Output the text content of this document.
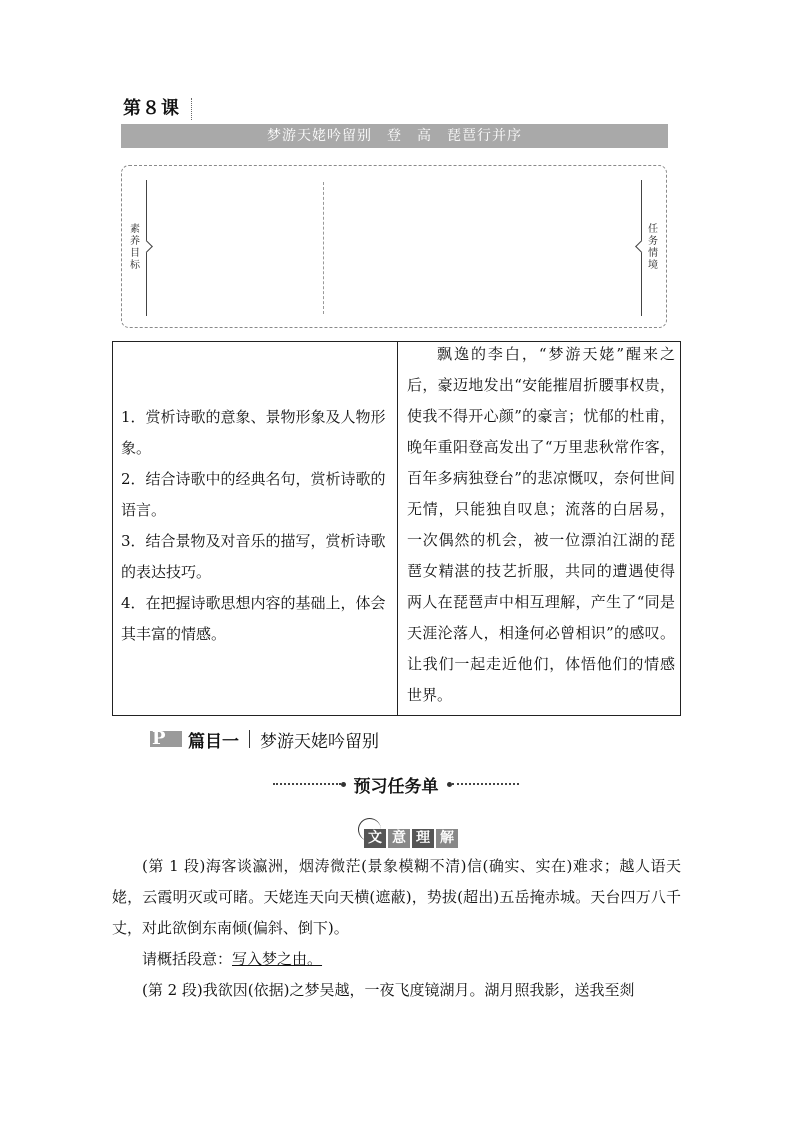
第８课
梦游天姥吟留别　登　高　琵琶行并序
素养目标
任务情境

1．赏析诗歌的意象、景物形象及人物形象。

2．结合诗歌中的经典名句，赏析诗歌的语言。

3．结合景物及对音乐的描写，赏析诗歌的表达技巧。

4．在把握诗歌思想内容的基础上，体会其丰富的情感。

飘逸的李白，“梦游天姥”醒来之后，豪迈地发出“安能摧眉折腰事权贵，使我不得开心颜”的豪言；忧郁的杜甫，晚年重阳登高发出了“万里悲秋常作客，百年多病独登台”的悲凉慨叹，奈何世间无情，只能独自叹息；流落的白居易，一次偶然的机会，被一位漂泊江湖的琵琶女精湛的技艺折服，共同的遭遇使得两人在琵琶声中相互理解，产生了“同是天涯沦落人，相逢何必曾相识”的感叹。让我们一起走近他们，体悟他们的情感世界。

P 篇目一 梦游天姥吟留别
预习任务单
文 意 理 解

(第 1 段)海客谈瀛洲，烟涛微茫(景象模糊不清)信(确实、实在)难求；越人语天姥，云霞明灭或可睹。天姥连天向天横(遮蔽)，势拔(超出)五岳掩赤城。天台四万八千丈，对此欲倒东南倾(偏斜、倒下)。

请概括段意：写入梦之由。

(第 2 段)我欲因(依据)之梦吴越，一夜飞度镜湖月。湖月照我影，送我至剡
